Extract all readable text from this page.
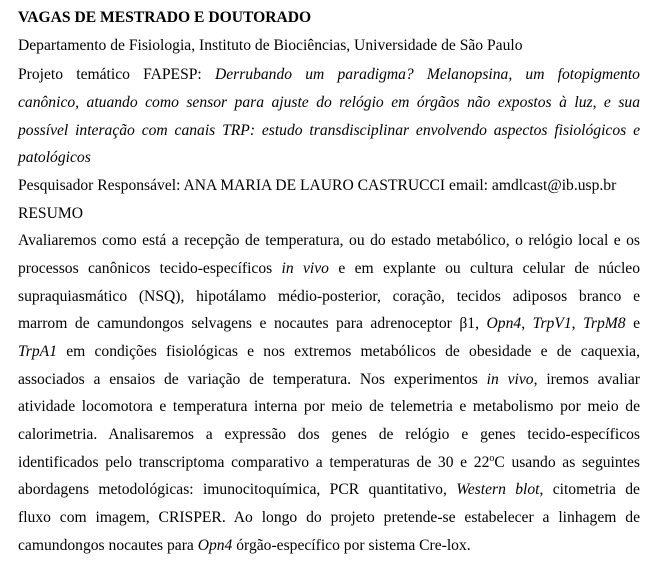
VAGAS DE MESTRADO E DOUTORADO
Departamento de Fisiologia, Instituto de Biociências, Universidade de São Paulo
Projeto temático FAPESP: Derrubando um paradigma? Melanopsina, um fotopigmento
canônico, atuando como sensor para ajuste do relógio em órgãos não expostos à luz, e sua
possível interação com canais TRP: estudo transdisciplinar envolvendo aspectos fisiológicos e
patológicos
Pesquisador Responsável: ANA MARIA DE LAURO CASTRUCCI email: amdlcast@ib.usp.br
RESUMO
Avaliaremos como está a recepção de temperatura, ou do estado metabólico, o relógio local e os
processos canônicos tecido-específicos in vivo e em explante ou cultura celular de núcleo
supraquiasmático (NSQ), hipotálamo médio-posterior, coração, tecidos adiposos branco e
marrom de camundongos selvagens e nocautes para adrenoceptor β1, Opn4, TrpV1, TrpM8 e
TrpA1 em condições fisiológicas e nos extremos metabólicos de obesidade e de caquexia,
associados a ensaios de variação de temperatura. Nos experimentos in vivo, iremos avaliar
atividade locomotora e temperatura interna por meio de telemetria e metabolismo por meio de
calorimetria. Analisaremos a expressão dos genes de relógio e genes tecido-específicos
identificados pelo transcriptoma comparativo a temperaturas de 30 e 22$^o$C usando as seguintes
abordagens metodológicas: imunocitoquímica, PCR quantitativo, Western blot, citometria de
fluxo com imagem, CRISPER. Ao longo do projeto pretende-se estabelecer a linhagem de
camundongos nocautes para Opn4 órgão-específico por sistema Cre-lox.
